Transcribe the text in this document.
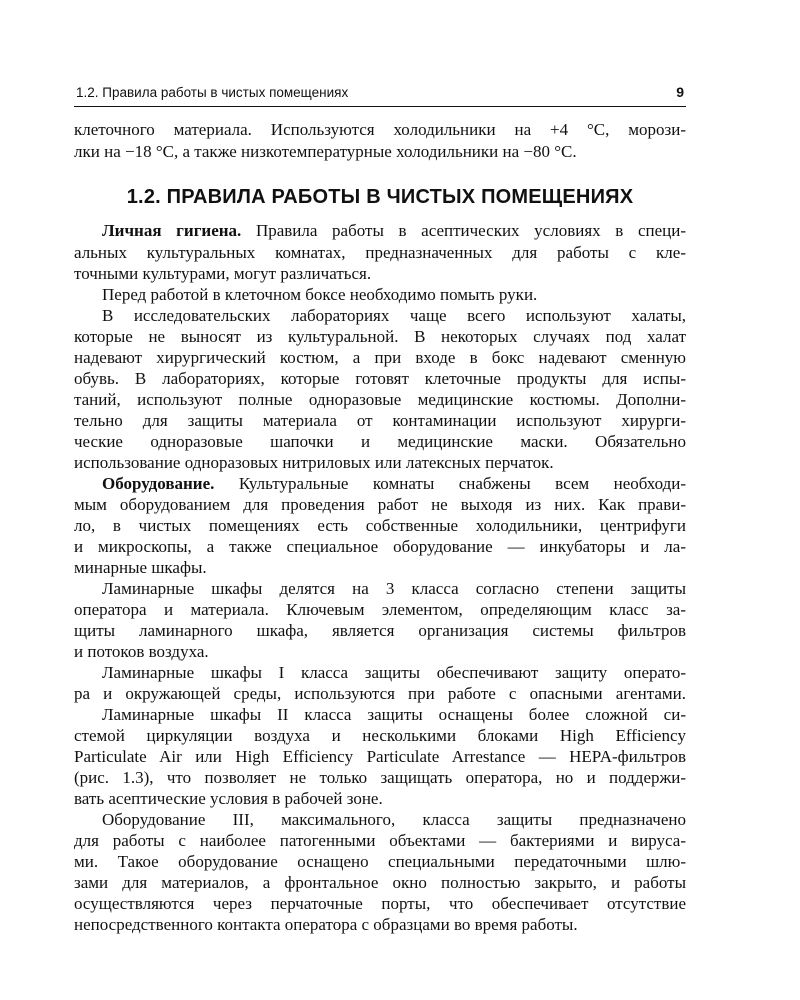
1.2. Правила работы в чистых помещениях	9
клеточного материала. Используются холодильники на +4 °C, морози-
лки на −18 °C, а также низкотемпературные холодильники на −80 °C.
1.2. ПРАВИЛА РАБОТЫ В ЧИСТЫХ ПОМЕЩЕНИЯХ
Личная гигиена. Правила работы в асептических условиях в специ-
альных культуральных комнатах, предназначенных для работы с кле-
точными культурами, могут различаться.
Перед работой в клеточном боксе необходимо помыть руки.
В исследовательских лабораториях чаще всего используют халаты,
которые не выносят из культуральной. В некоторых случаях под халат
надевают хирургический костюм, а при входе в бокс надевают сменную
обувь. В лабораториях, которые готовят клеточные продукты для испы-
таний, используют полные одноразовые медицинские костюмы. Дополни-
тельно для защиты материала от контаминации используют хирурги-
ческие одноразовые шапочки и медицинские маски. Обязательно
использование одноразовых нитриловых или латексных перчаток.
Оборудование. Культуральные комнаты снабжены всем необходи-
мым оборудованием для проведения работ не выходя из них. Как прави-
ло, в чистых помещениях есть собственные холодильники, центрифуги
и микроскопы, а также специальное оборудование — инкубаторы и ла-
минарные шкафы.
Ламинарные шкафы делятся на 3 класса согласно степени защиты
оператора и материала. Ключевым элементом, определяющим класс за-
щиты ламинарного шкафа, является организация системы фильтров
и потоков воздуха.
Ламинарные шкафы I класса защиты обеспечивают защиту операто-
ра и окружающей среды, используются при работе с опасными агентами.
Ламинарные шкафы II класса защиты оснащены более сложной си-
стемой циркуляции воздуха и несколькими блоками High Efficiency
Particulate Air или High Efficiency Particulate Arrestance — HEPA-фильтров
(рис. 1.3), что позволяет не только защищать оператора, но и поддержи-
вать асептические условия в рабочей зоне.
Оборудование III, максимального, класса защиты предназначено
для работы с наиболее патогенными объектами — бактериями и вируса-
ми. Такое оборудование оснащено специальными передаточными шлю-
зами для материалов, а фронтальное окно полностью закрыто, и работы
осуществляются через перчаточные порты, что обеспечивает отсутствие
непосредственного контакта оператора с образцами во время работы.
